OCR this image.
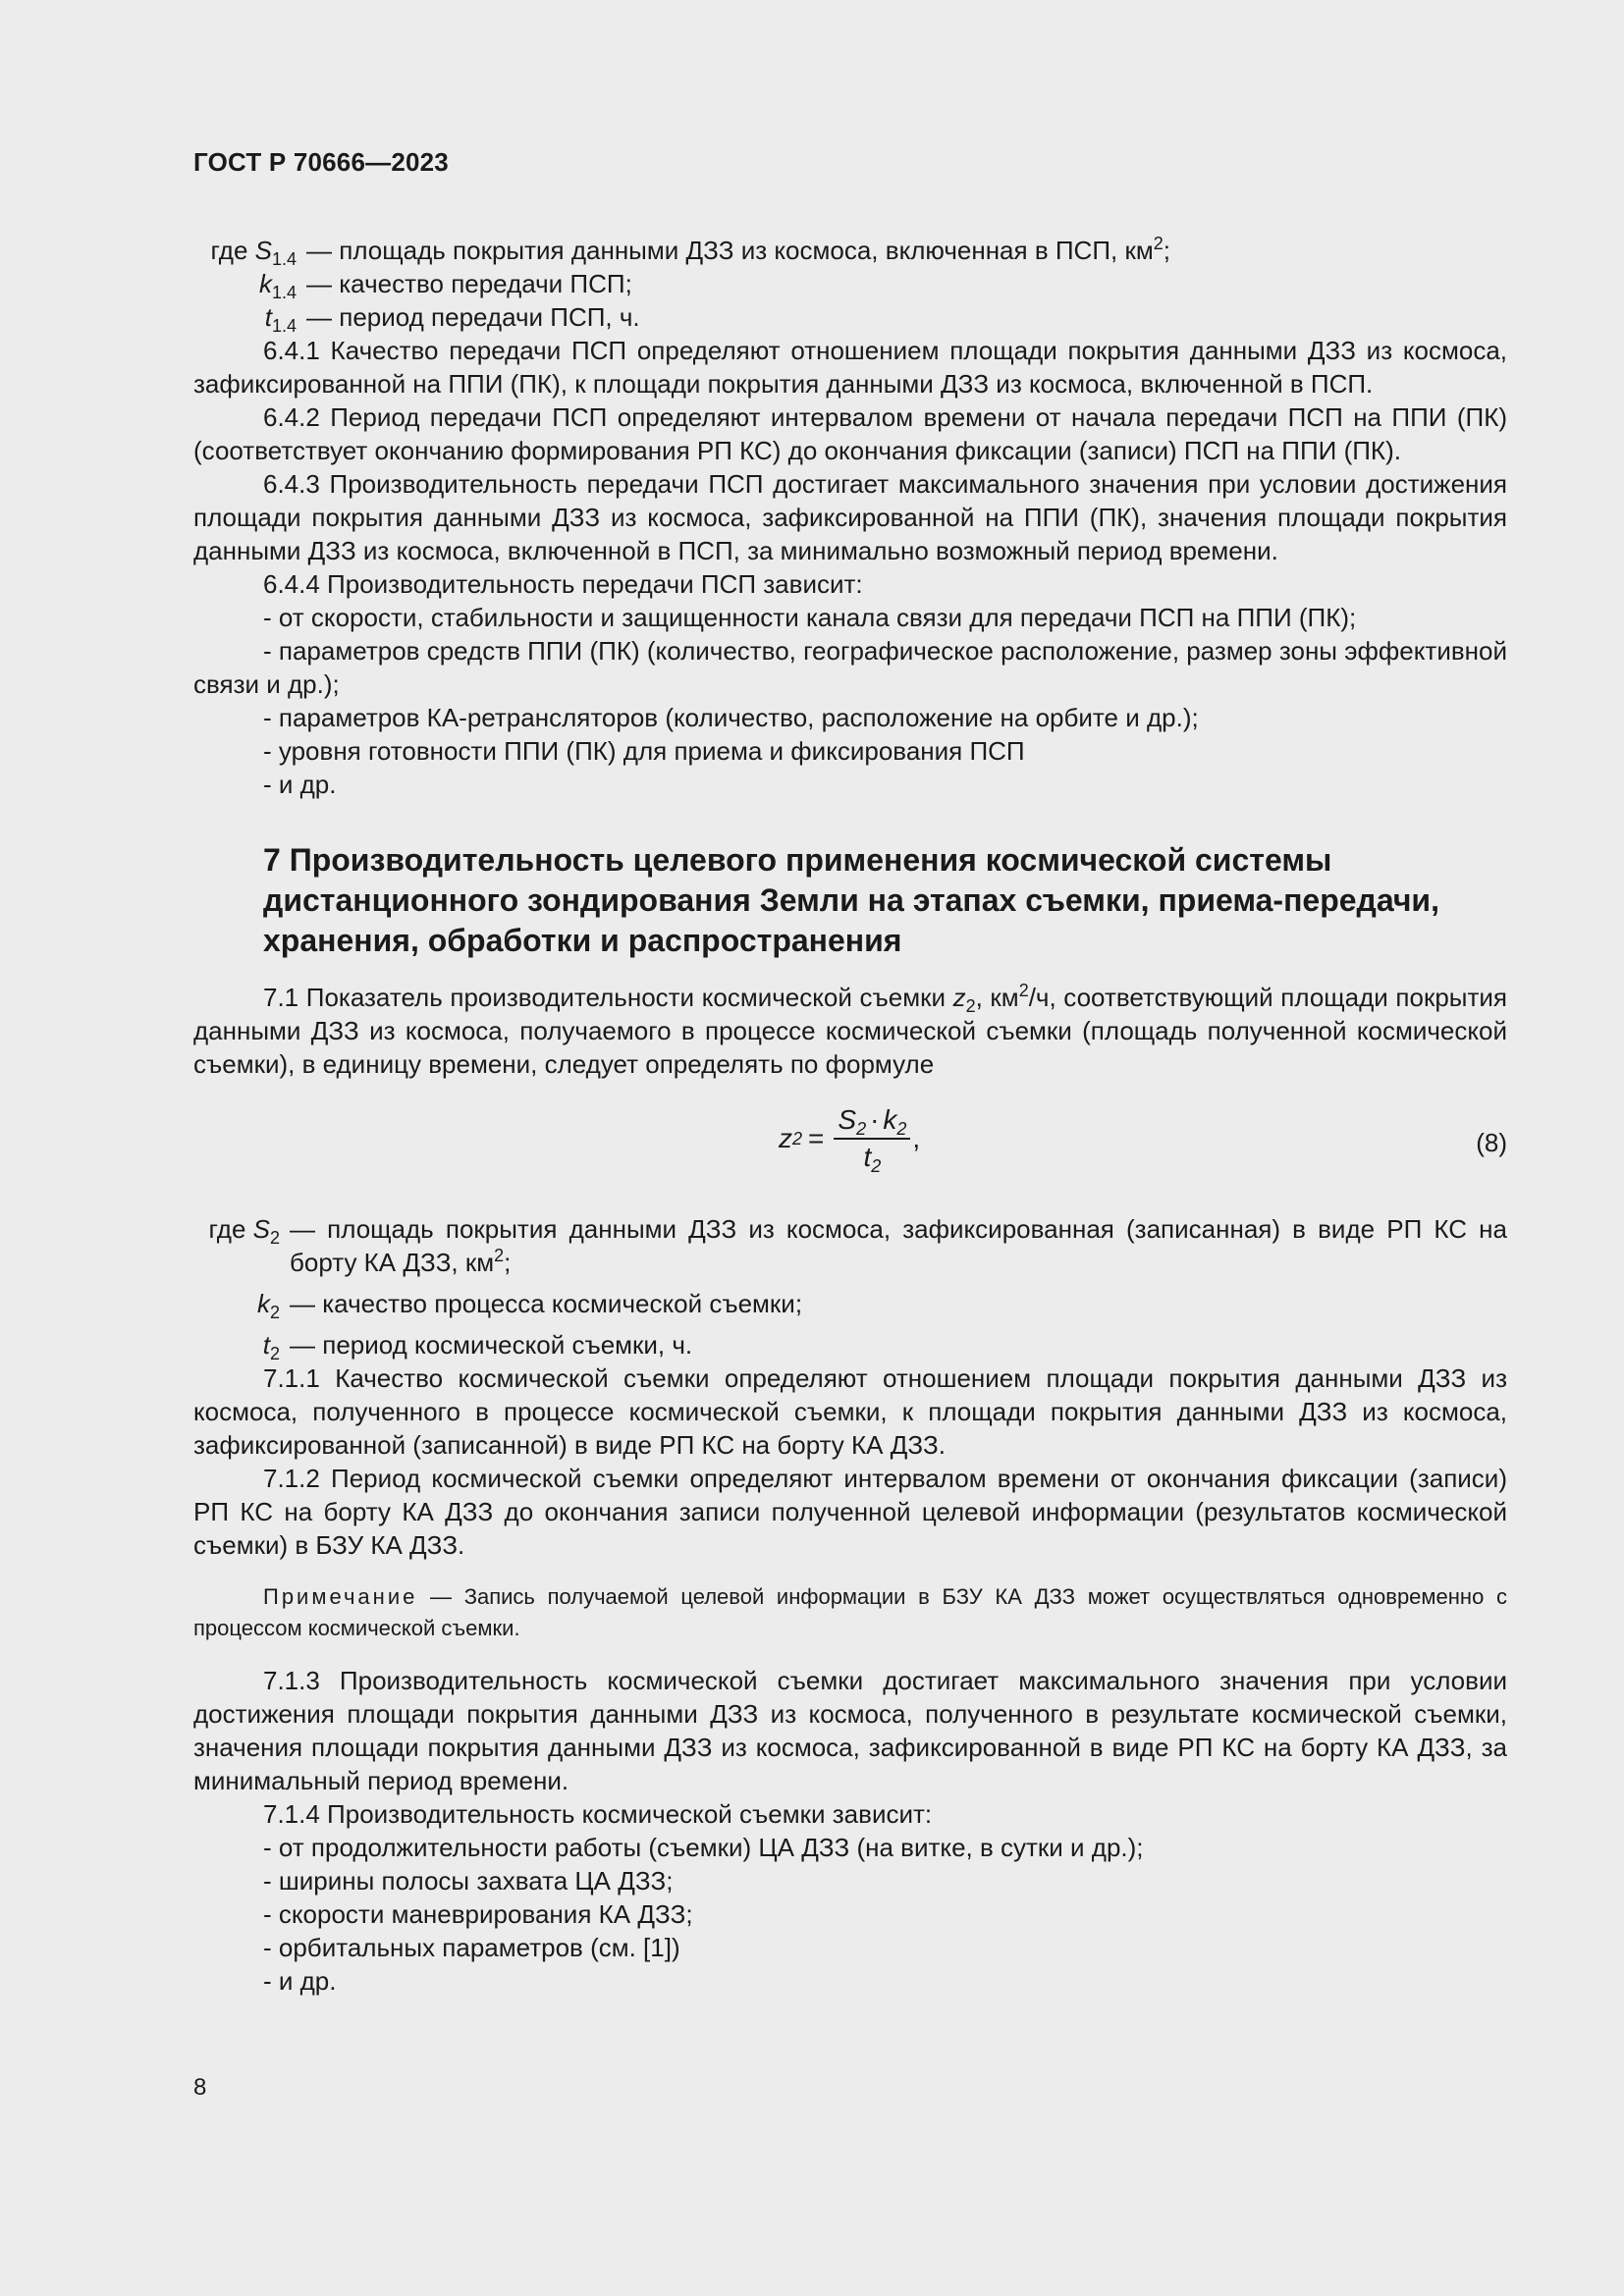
ГОСТ Р 70666—2023
где $S_{1.4}$ — площадь покрытия данными ДЗЗ из космоса, включенная в ПСП, $км^2$;
$k_{1.4}$ — качество передачи ПСП;
$t_{1.4}$ — период передачи ПСП, ч.

6.4.1 Качество передачи ПСП определяют отношением площади покрытия данными ДЗЗ из космоса, зафиксированной на ППИ (ПК), к площади покрытия данными ДЗЗ из космоса, включенной в ПСП.

6.4.2 Период передачи ПСП определяют интервалом времени от начала передачи ПСП на ППИ (ПК) (соответствует окончанию формирования РП КС) до окончания фиксации (записи) ПСП на ППИ (ПК).

6.4.3 Производительность передачи ПСП достигает максимального значения при условии достижения площади покрытия данными ДЗЗ из космоса, зафиксированной на ППИ (ПК), значения площади покрытия данными ДЗЗ из космоса, включенной в ПСП, за минимально возможный период времени.

6.4.4 Производительность передачи ПСП зависит:

- от скорости, стабильности и защищенности канала связи для передачи ПСП на ППИ (ПК);

- параметров средств ППИ (ПК) (количество, географическое расположение, размер зоны эффективной связи и др.);

- параметров КА-ретрансляторов (количество, расположение на орбите и др.);

- уровня готовности ППИ (ПК) для приема и фиксирования ПСП

- и др.

7 Производительность целевого применения космической системы дистанционного зондирования Земли на этапах съемки, приема-передачи, хранения, обработки и распространения

7.1 Показатель производительности космической съемки $z_2$, $км^2/ч$, соответствующий площади покрытия данными ДЗЗ из космоса, получаемого в процессе космической съемки (площадь полученной космической съемки), в единицу времени, следует определять по формуле

z $2 = \frac{S_2 \cdot k_2}{t_2}$ ,	(8)
где $S_2$ — площадь покрытия данными ДЗЗ из космоса, зафиксированная (записанная) в виде РП КС на борту КА ДЗЗ, $км^2$;
$k_2$ — качество процесса космической съемки;
$t_2$ — период космической съемки, ч.

7.1.1 Качество космической съемки определяют отношением площади покрытия данными ДЗЗ из космоса, полученного в процессе космической съемки, к площади покрытия данными ДЗЗ из космоса, зафиксированной (записанной) в виде РП КС на борту КА ДЗЗ.

7.1.2 Период космической съемки определяют интервалом времени от окончания фиксации (записи) РП КС на борту КА ДЗЗ до окончания записи полученной целевой информации (результатов космической съемки) в БЗУ КА ДЗЗ.

Примечание — Запись получаемой целевой информации в БЗУ КА ДЗЗ может осуществляться одновременно с процессом космической съемки.

7.1.3 Производительность космической съемки достигает максимального значения при условии достижения площади покрытия данными ДЗЗ из космоса, полученного в результате космической съемки, значения площади покрытия данными ДЗЗ из космоса, зафиксированной в виде РП КС на борту КА ДЗЗ, за минимальный период времени.

7.1.4 Производительность космической съемки зависит:

- от продолжительности работы (съемки) ЦА ДЗЗ (на витке, в сутки и др.);

- ширины полосы захвата ЦА ДЗЗ;

- скорости маневрирования КА ДЗЗ;

- орбитальных параметров (см. [1])

- и др.

8
